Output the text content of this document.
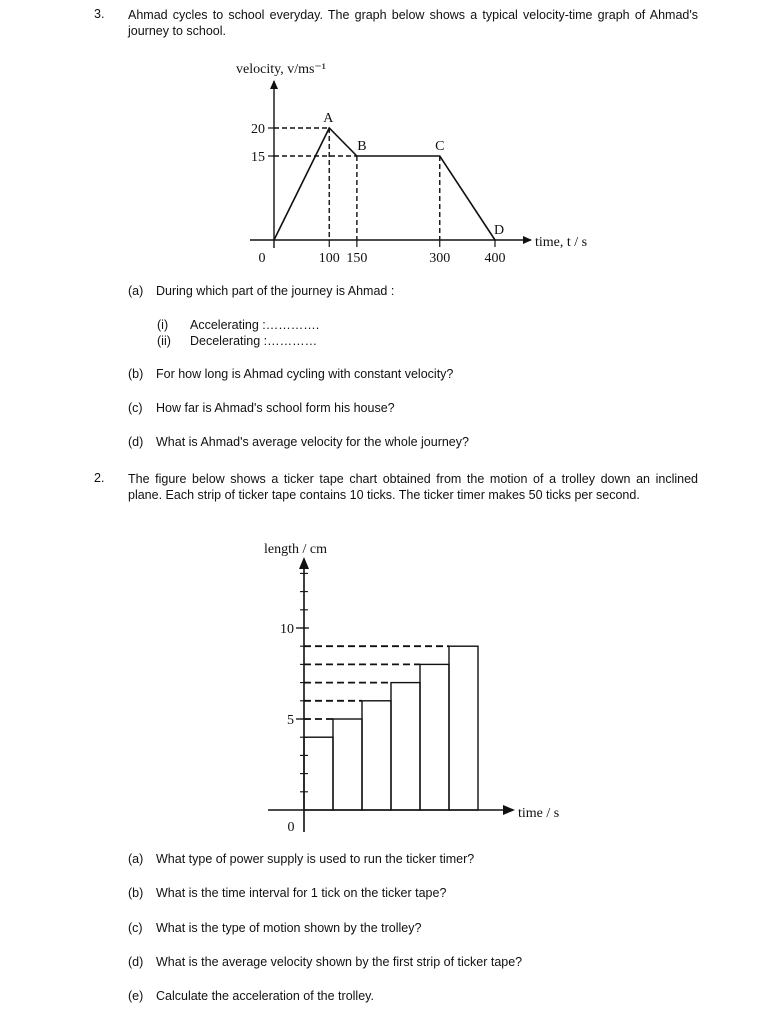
3. Ahmad cycles to school everyday. The graph below shows a typical velocity-time graph of Ahmad's journey to school.
15
20
100 150	300 400
A
B	C
D
velocity, v/ms⁻¹
time, t / s
0
(a) During which part of the journey is Ahmad :
(i) Accelerating :………….
(ii) Decelerating :…………
(b) For how long is Ahmad cycling with constant velocity?
(c) How far is Ahmad's school form his house?
(d) What is Ahmad's average velocity for the whole journey?
2. The figure below shows a ticker tape chart obtained from the motion of a trolley down an inclined plane. Each strip of ticker tape contains 10 ticks. The ticker timer makes 50 ticks per second.
5
10
length / cm
time / s
0
(a) What type of power supply is used to run the ticker timer?
(b) What is the time interval for 1 tick on the ticker tape?
(c) What is the type of motion shown by the trolley?
(d) What is the average velocity shown by the first strip of ticker tape?
(e) Calculate the acceleration of the trolley.
